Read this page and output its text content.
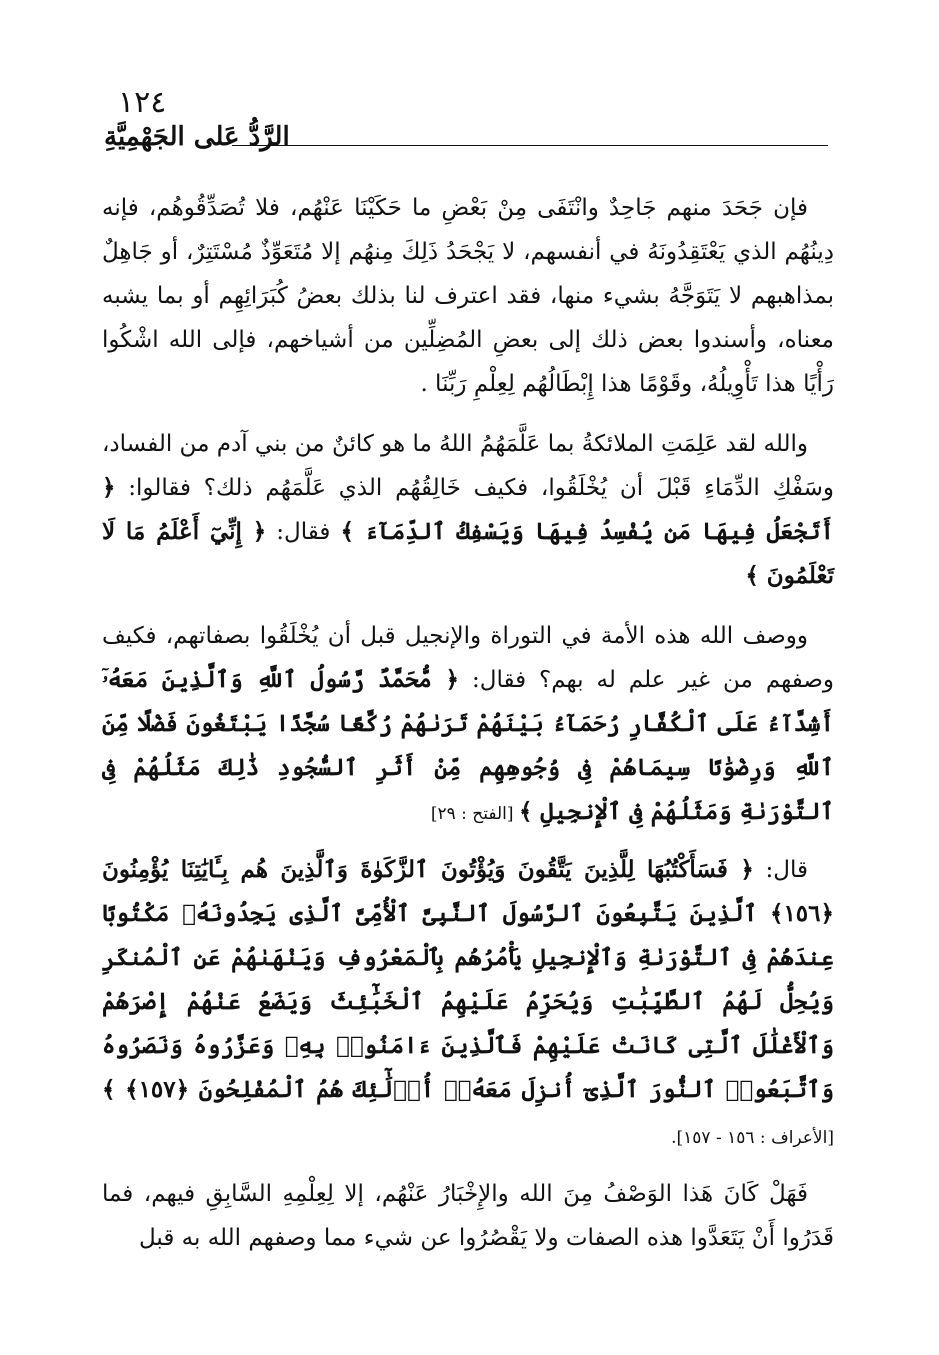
١٢٤
الرَّدُّ عَلى الجَهْمِيَّةِ

فإن جَحَدَ منهم جَاحِدٌ وانْتَفَى مِنْ بَعْضِ ما حَكَيْنَا عَنْهُم، فلا تُصَدِّقُوهُم، فإنه دِينُهُم الذي يَعْتَقِدُونَهُ في أنفسهم، لا يَجْحَدُ ذَلِكَ مِنهُم إلا مُتَعَوِّذٌ مُسْتَتِرٌ، أو جَاهِلٌ بمذاهبهم لا يَتَوَجَّهُ بشيء منها، فقد اعترف لنا بذلك بعضُ كُبَرَائِهِم أو بما يشبه معناه، وأسندوا بعض ذلك إلى بعضِ المُضِلِّين من أشياخهم، فإلى الله اشْكُوا رَأْيًا هذا تَأْوِيلُهُ، وقَوْمًا هذا إِبْطَالُهُم لِعِلْمِ رَبِّنَا .

والله لقد عَلِمَتِ الملائكةُ بما عَلَّمَهُمُ اللهُ ما هو كائنٌ من بني آدم من الفساد، وسَفْكِ الدِّمَاءِ قَبْلَ أن يُخْلَقُوا، فكيف خَالِقُهُم الذي عَلَّمَهُم ذلك؟ فقالوا: ﴿ أَتَجْعَلُ فِيهَا مَن يُفْسِدُ فِيهَا وَيَسْفِكُ ٱلدِّمَآءَ ﴾ فقال: ﴿ إِنِّيٓ أَعْلَمُ مَا لَا تَعْلَمُونَ ﴾

ووصف الله هذه الأمة في التوراة والإنجيل قبل أن يُخْلَقُوا بصفاتهم، فكيف وصفهم من غير علم له بهم؟ فقال: ﴿ مُّحَمَّدٌ رَّسُولُ ٱللَّهِ وَٱلَّذِينَ مَعَهُۥٓ أَشِدَّآءُ عَلَى ٱلْكُفَّارِ رُحَمَآءُ بَيْنَهُمْ تَرَىٰهُمْ رُكَّعًا سُجَّدًا يَبْتَغُونَ فَضْلًا مِّنَ ٱللَّهِ وَرِضْوَٰنًا سِيمَاهُمْ فِى وُجُوهِهِم مِّنْ أَثَرِ ٱلسُّجُودِ ذَٰلِكَ مَثَلُهُمْ فِى ٱلتَّوْرَىٰةِ وَمَثَلُهُمْ فِى ٱلْإِنجِيلِ ﴾ [الفتح : ٢٩]

قال: ﴿ فَسَأَكْتُبُهَا لِلَّذِينَ يَتَّقُونَ وَيُؤْتُونَ ٱلزَّكَوٰةَ وَٱلَّذِينَ هُم بِـَٔايَٰتِنَا يُؤْمِنُونَ ﴿١٥٦﴾ ٱلَّذِينَ يَتَّبِعُونَ ٱلرَّسُولَ ٱلنَّبِىَّ ٱلْأُمِّىَّ ٱلَّذِى يَجِدُونَهُۥ مَكْتُوبًا عِندَهُمْ فِى ٱلتَّوْرَىٰةِ وَٱلْإِنجِيلِ يَأْمُرُهُم بِٱلْمَعْرُوفِ وَيَنْهَىٰهُمْ عَنِ ٱلْمُنكَرِ وَيُحِلُّ لَهُمُ ٱلطَّيِّبَٰتِ وَيُحَرِّمُ عَلَيْهِمُ ٱلْخَبَٰٓئِثَ وَيَضَعُ عَنْهُمْ إِصْرَهُمْ وَٱلْأَغْلَٰلَ ٱلَّتِى كَانَتْ عَلَيْهِمْ فَٱلَّذِينَ ءَامَنُوا۟ بِهِۦ وَعَزَّرُوهُ وَنَصَرُوهُ وَٱتَّبَعُوا۟ ٱلنُّورَ ٱلَّذِىٓ أُنزِلَ مَعَهُۥٓ أُو۟لَٰٓئِكَ هُمُ ٱلْمُفْلِحُونَ ﴿١٥٧﴾ ﴾ [الأعراف : ١٥٦ - ١٥٧].

فَهَلْ كَانَ هَذا الوَصْفُ مِنَ الله والإِخْبَارُ عَنْهُم، إلا لِعِلْمِهِ السَّابِقِ فيهم، فما قَدَرُوا أَنْ يَتَعَدَّوا هذه الصفات ولا يَقْصُرُوا عن شيء مما وصفهم الله به قبل
